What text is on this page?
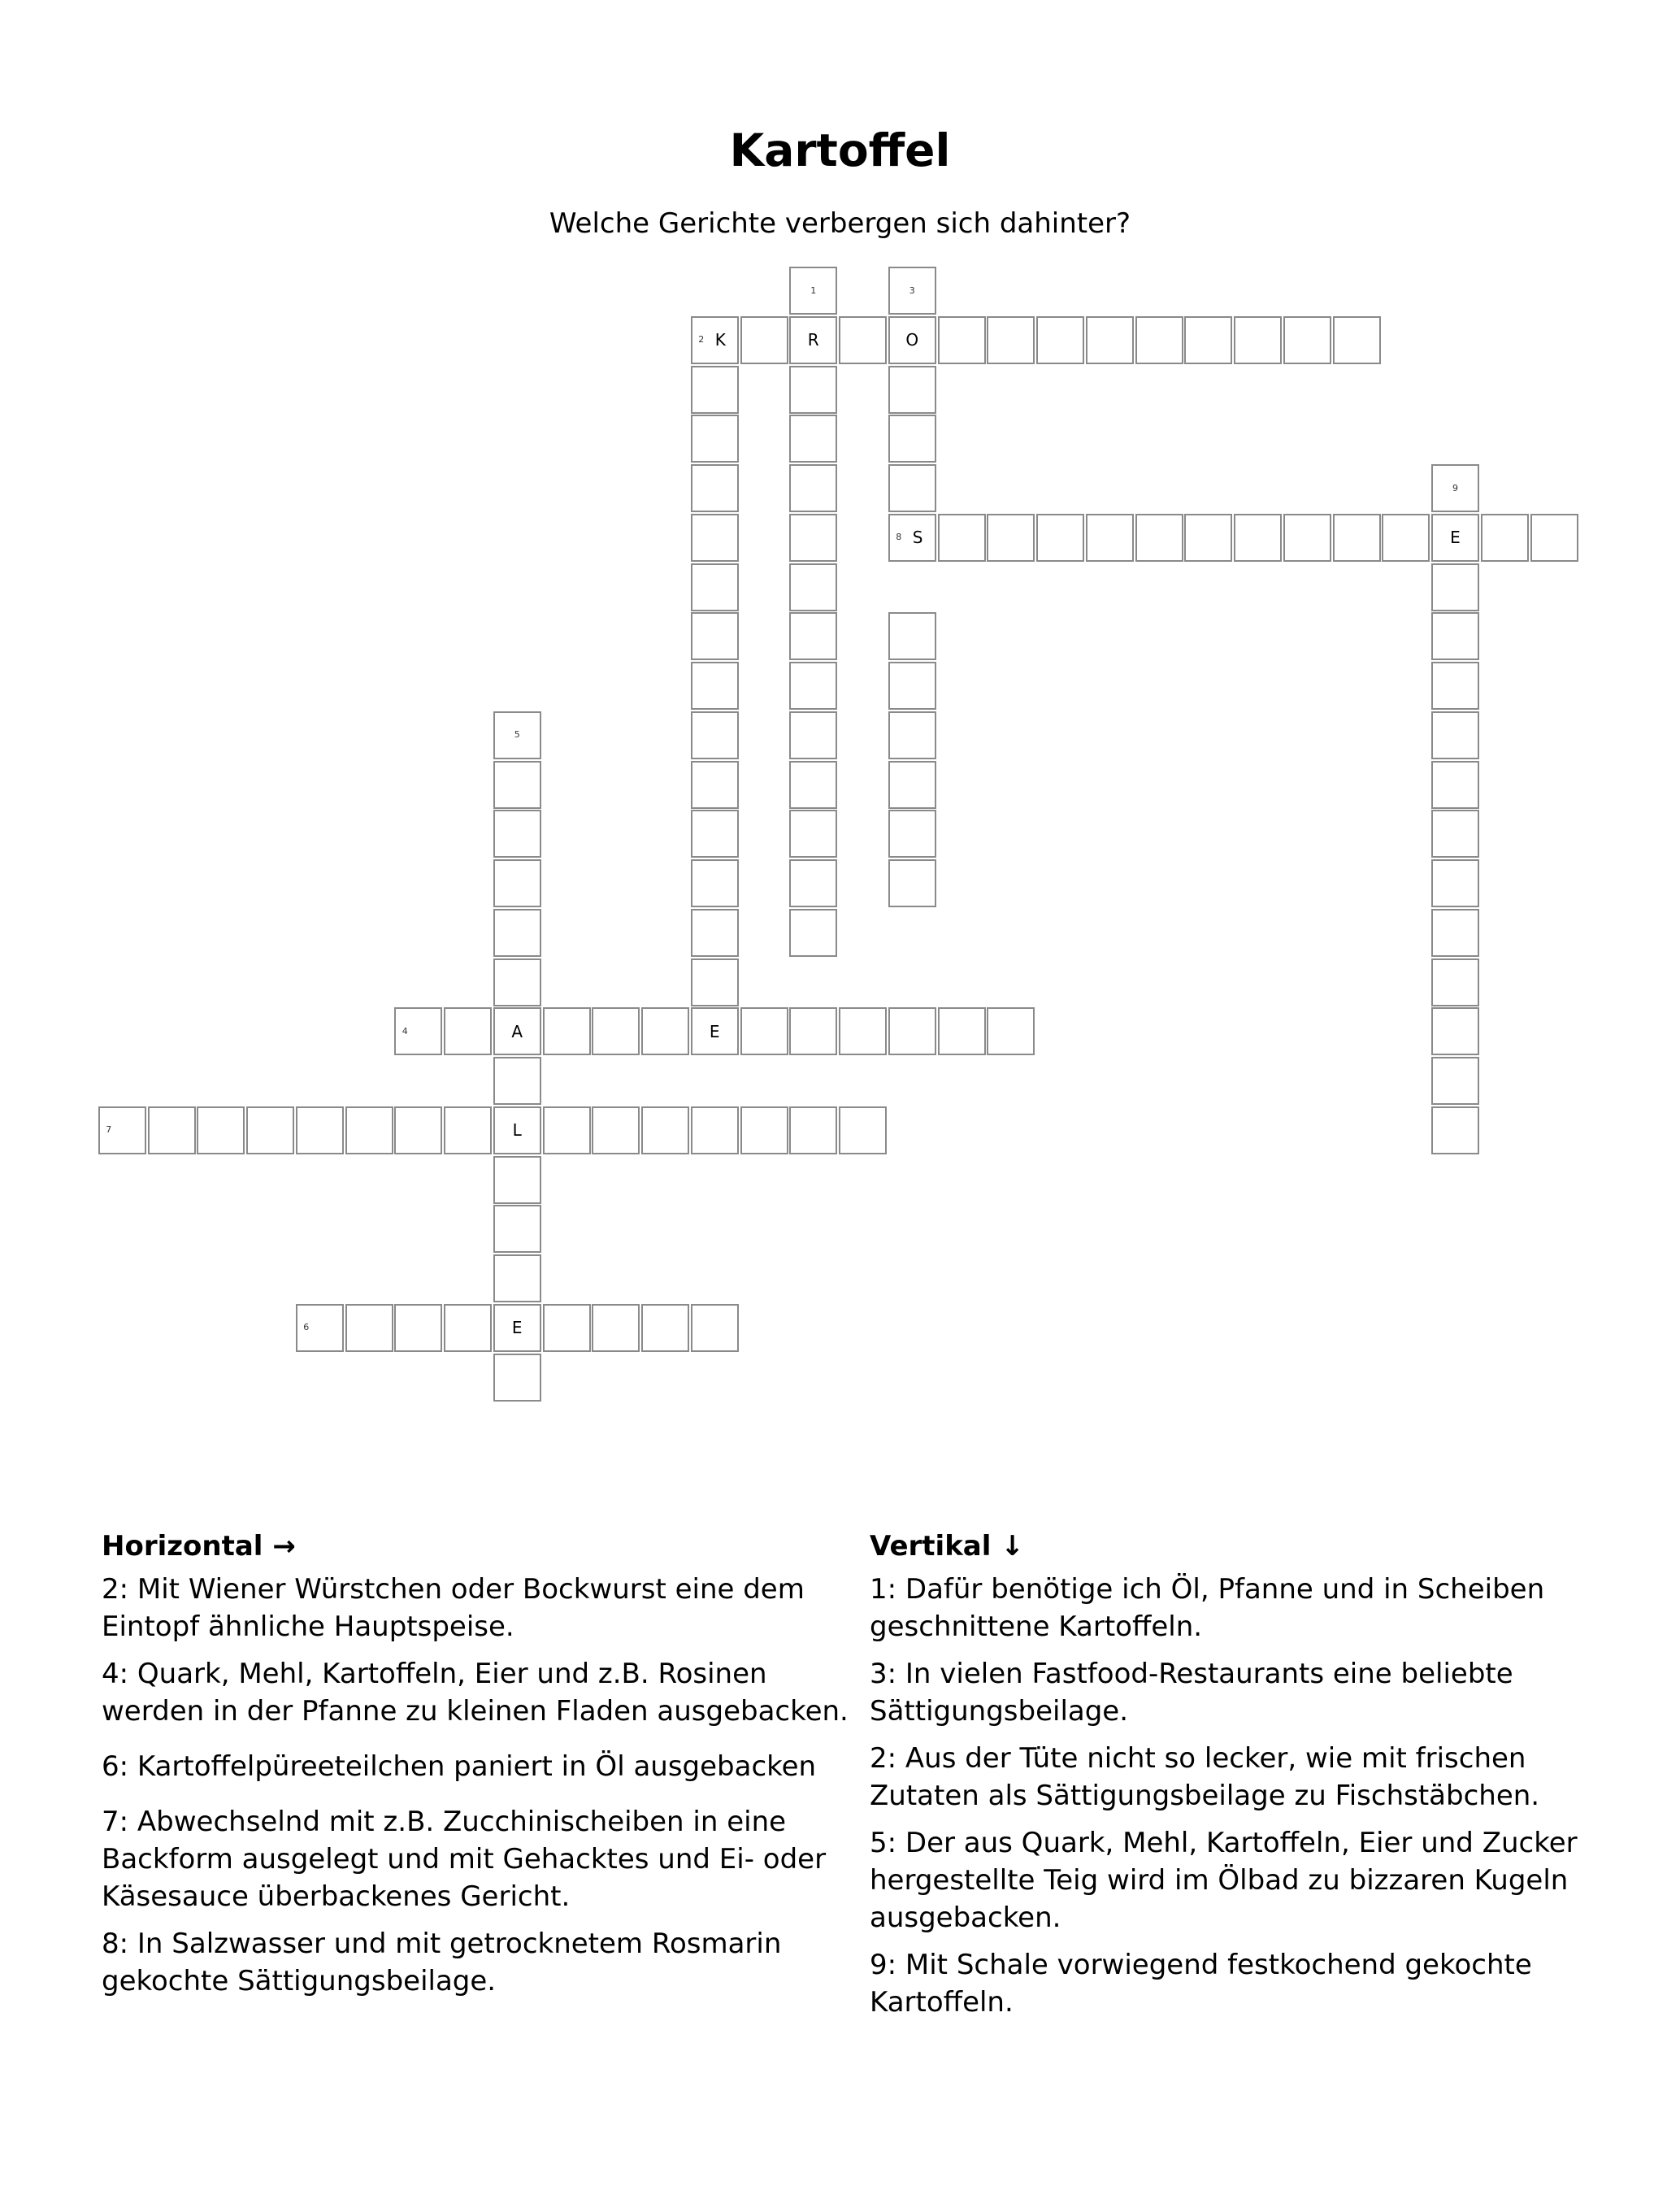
Kartoffel
Welche Gerichte verbergen sich dahinter?
1	3
2 K	R	O
9
8 S	E
5
4	A	E
7	L
6	E
Horizontal →
2: Mit Wiener Würstchen oder Bockwurst eine dem Eintopf ähnliche Hauptspeise.
4: Quark, Mehl, Kartoffeln, Eier und z.B. Rosinen werden in der Pfanne zu kleinen Fladen ausgebacken.
6: Kartoffelpüreeteilchen paniert in Öl ausgebacken
7: Abwechselnd mit z.B. Zucchinischeiben in eine Backform ausgelegt und mit Gehacktes und Ei- oder Käsesauce überbackenes Gericht.
8: In Salzwasser und mit getrocknetem Rosmarin gekochte Sättigungsbeilage.
Vertikal ↓
1: Dafür benötige ich Öl, Pfanne und in Scheiben geschnittene Kartoffeln.
3: In vielen Fastfood-Restaurants eine beliebte Sättigungsbeilage.
2: Aus der Tüte nicht so lecker, wie mit frischen Zutaten als Sättigungsbeilage zu Fischstäbchen.
5: Der aus Quark, Mehl, Kartoffeln, Eier und Zucker hergestellte Teig wird im Ölbad zu bizzaren Kugeln ausgebacken.
9: Mit Schale vorwiegend festkochend gekochte Kartoffeln.
